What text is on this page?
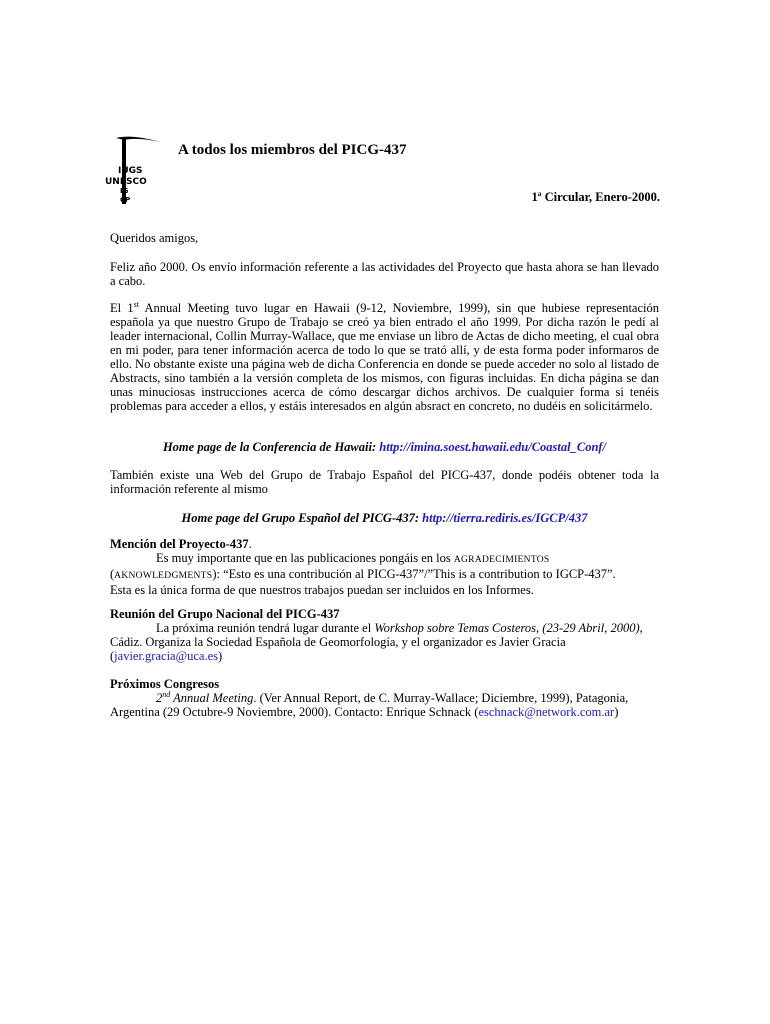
IUGS
UNESCO
IG
CP
A todos los miembros del PICG-437
1ª Circular, Enero-2000.
Queridos amigos,
Feliz año 2000. Os envío información referente a las actividades del Proyecto que hasta ahora se han llevado a cabo.
El 1st Annual Meeting tuvo lugar en Hawaii (9-12, Noviembre, 1999), sin que hubiese representación española ya que nuestro Grupo de Trabajo se creó ya bien entrado el año 1999. Por dicha razón le pedí al leader internacional, Collin Murray-Wallace, que me enviase un libro de Actas de dicho meeting, el cual obra en mi poder, para tener información acerca de todo lo que se trató allí, y de esta forma poder informaros de ello. No obstante existe una página web de dicha Conferencia en donde se puede acceder no solo al listado de Abstracts, sino también a la versión completa de los mismos, con figuras incluidas. En dicha página se dan unas minuciosas instrucciones acerca de cómo descargar dichos archivos. De cualquier forma si tenéis problemas para acceder a ellos, y estáis interesados en algún absract en concreto, no dudéis en solicitármelo.
Home page de la Conferencia de Hawaii: http://imina.soest.hawaii.edu/Coastal_Conf/
También existe una Web del Grupo de Trabajo Español del PICG-437, donde podéis obtener toda la información referente al mismo
Home page del Grupo Español del PICG-437: http://tierra.rediris.es/IGCP/437
Mención del Proyecto-437.
Es muy importante que en las publicaciones pongáis en los AGRADECIMIENTOS
(AKNOWLEDGMENTS): “Esto es una contribución al PICG-437”/”This is a contribution to IGCP-437”.
Esta es la única forma de que nuestros trabajos puedan ser incluidos en los Informes.
Reunión del Grupo Nacional del PICG-437
La próxima reunión tendrá lugar durante el Workshop sobre Temas Costeros, (23-29 Abril, 2000), Cádiz. Organiza la Sociedad Española de Geomorfología, y el organizador es Javier Gracia (javier.gracia@uca.es)
Próximos Congresos
2nd Annual Meeting. (Ver Annual Report, de C. Murray-Wallace; Diciembre, 1999), Patagonia, Argentina (29 Octubre-9 Noviembre, 2000). Contacto: Enrique Schnack (eschnack@network.com.ar)
